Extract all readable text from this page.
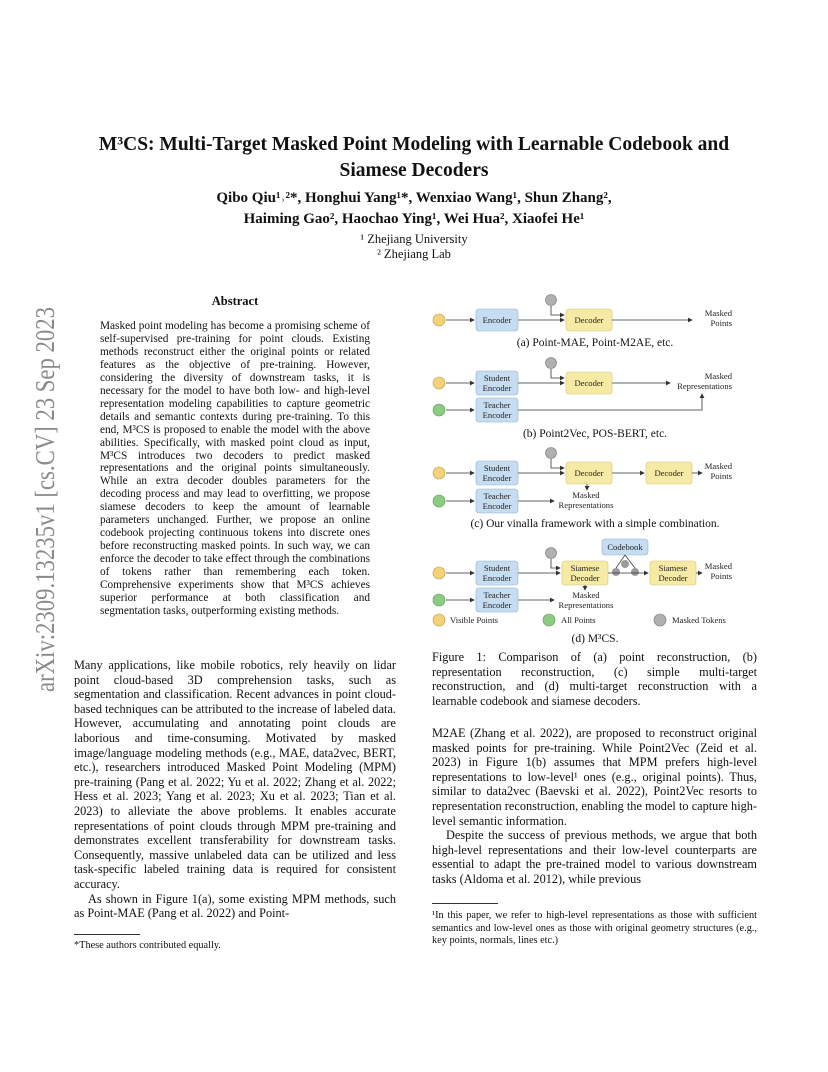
arXiv:2309.13235v1 [cs.CV] 23 Sep 2023
M³CS: Multi-Target Masked Point Modeling with Learnable Codebook and
Siamese Decoders
Qibo Qiu¹˒²*, Honghui Yang¹*, Wenxiao Wang¹, Shun Zhang²,
Haiming Gao², Haochao Ying¹, Wei Hua², Xiaofei He¹
¹ Zhejiang University
² Zhejiang Lab
Abstract
Masked point modeling has become a promising scheme of self-supervised pre-training for point clouds. Existing methods reconstruct either the original points or related features as the objective of pre-training. However, considering the diversity of downstream tasks, it is necessary for the model to have both low- and high-level representation modeling capabilities to capture geometric details and semantic contexts during pre-training. To this end, M³CS is proposed to enable the model with the above abilities. Specifically, with masked point cloud as input, M³CS introduces two decoders to predict masked representations and the original points simultaneously. While an extra decoder doubles parameters for the decoding process and may lead to overfitting, we propose siamese decoders to keep the amount of learnable parameters unchanged. Further, we propose an online codebook projecting continuous tokens into discrete ones before reconstructing masked points. In such way, we can enforce the decoder to take effect through the combinations of tokens rather than remembering each token. Comprehensive experiments show that M³CS achieves superior performance at both classification and segmentation tasks, outperforming existing methods.

Many applications, like mobile robotics, rely heavily on lidar point cloud-based 3D comprehension tasks, such as segmentation and classification. Recent advances in point cloud-based techniques can be attributed to the increase of labeled data. However, accumulating and annotating point clouds are laborious and time-consuming. Motivated by masked image/language modeling methods (e.g., MAE, data2vec, BERT, etc.), researchers introduced Masked Point Modeling (MPM) pre-training (Pang et al. 2022; Yu et al. 2022; Zhang et al. 2022; Hess et al. 2023; Yang et al. 2023; Xu et al. 2023; Tian et al. 2023) to alleviate the above problems. It enables accurate representations of point clouds through MPM pre-training and demonstrates excellent transferability for downstream tasks. Consequently, massive unlabeled data can be utilized and less task-specific labeled training data is required for consistent accuracy.

As shown in Figure 1(a), some existing MPM methods, such as Point-MAE (Pang et al. 2022) and Point-

*These authors contributed equally.
Encoder	Decoder
Masked
Points
(a) Point-MAE, Point-M2AE, etc.
Student
Encoder	Decoder
Masked
Representations
Teacher
Encoder
(b) Point2Vec, POS-BERT, etc.
Student
Encoder	Decoder	Decoder
Masked
Points
Teacher
Encoder
Masked
Representations
(c) Our vinalla framework with a simple combination.
Codebook
Student
Encoder
Siamese
Decoder
Siamese
Decoder
Masked
Points
Teacher
Encoder
Masked
Representations
Visible Points	All Points	Masked Tokens
(d) M³CS.
Figure 1: Comparison of (a) point reconstruction, (b) representation reconstruction, (c) simple multi-target reconstruction, and (d) multi-target reconstruction with a learnable codebook and siamese decoders.

M2AE (Zhang et al. 2022), are proposed to reconstruct original masked points for pre-training. While Point2Vec (Zeid et al. 2023) in Figure 1(b) assumes that MPM prefers high-level representations to low-level¹ ones (e.g., original points). Thus, similar to data2vec (Baevski et al. 2022), Point2Vec resorts to representation reconstruction, enabling the model to capture high-level semantic information.

Despite the success of previous methods, we argue that both high-level representations and their low-level counterparts are essential to adapt the pre-trained model to various downstream tasks (Aldoma et al. 2012), while previous

¹In this paper, we refer to high-level representations as those with sufficient semantics and low-level ones as those with original geometry structures (e.g., key points, normals, lines etc.)
